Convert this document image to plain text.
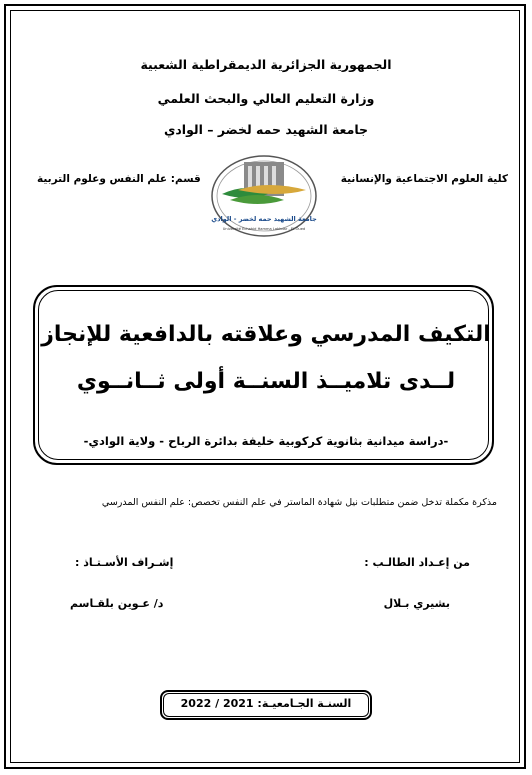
الجمهورية الجزائرية الديمقراطية الشعبية
وزارة التعليم العالي والبحث العلمي
جامعة الشهيد حمه لخضر – الوادي
كلية العلوم الاجتماعية والإنسانية
قسم: علم النفس وعلوم التربية
جامعة الشهيد حمه لخضر - الوادي
Université Echahid Hamma Lakhdar - El-Oued
التكيف المدرسي وعلاقته بالدافعية للإنجاز
لــدى تلاميــذ السنــة أولى ثــانــوي
-دراسة ميدانية بثانوية كركوبية خليفة بدائرة الرباح - ولاية الوادي-
مذكرة مكملة تدخل ضمن متطلبات نيل شهادة الماستر في علم النفس تخصص: علم النفس المدرسي
من إعـداد الطالـب :
إشـراف الأسـتـاذ :
بشيري بـلال
د/ عـوين بلقـاسم
السنـة الجـامعيـة: 2021 / 2022
